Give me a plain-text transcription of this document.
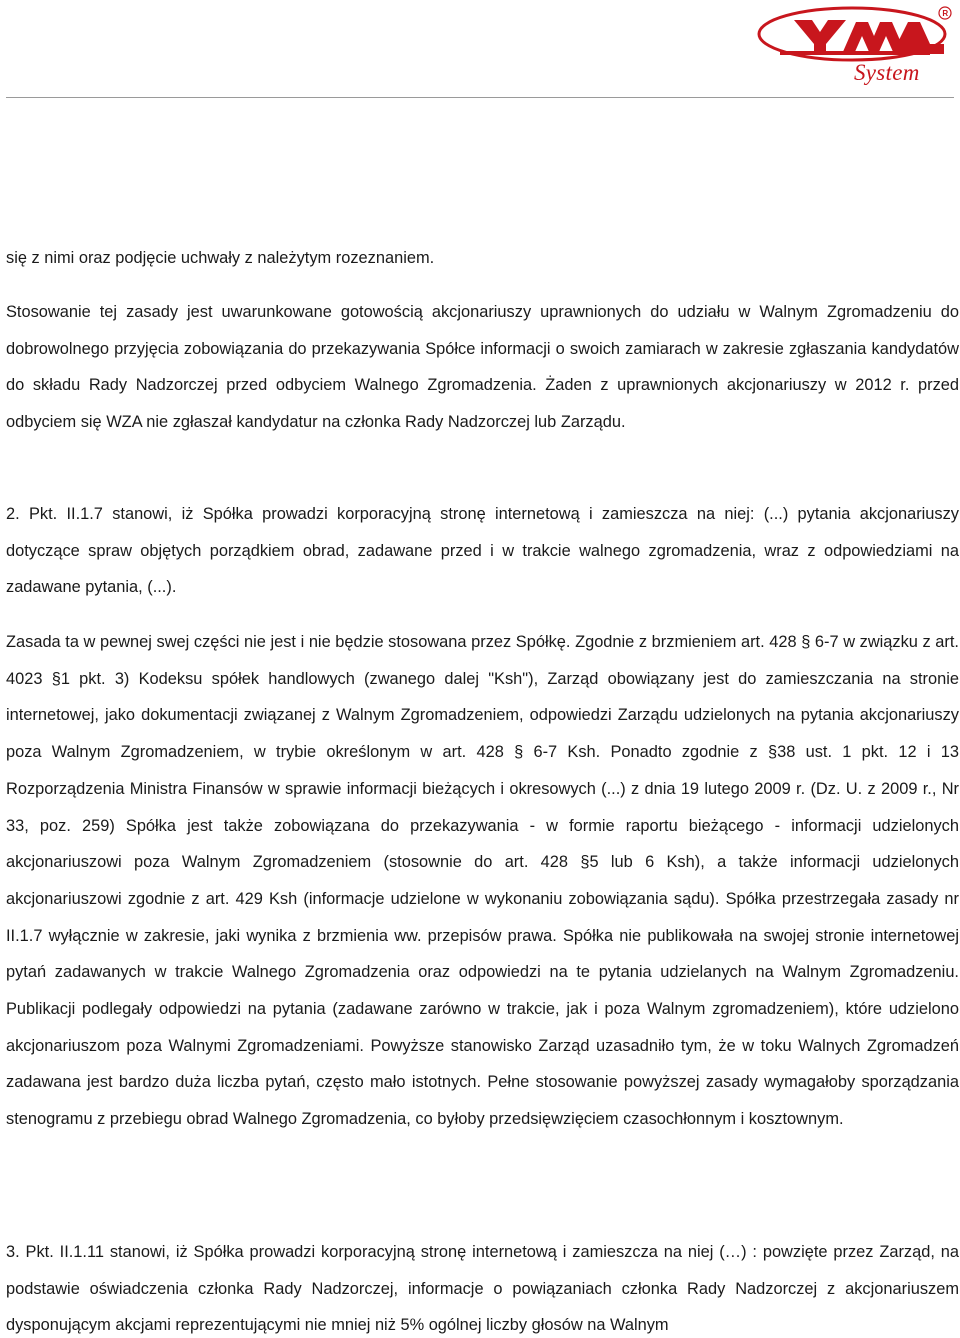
R
System

się z nimi oraz podjęcie uchwały z należytym rozeznaniem.

Stosowanie tej zasady jest uwarunkowane gotowością akcjonariuszy uprawnionych do udziału w Walnym Zgromadzeniu do dobrowolnego przyjęcia zobowiązania do przekazywania Spółce informacji o swoich zamiarach w zakresie zgłaszania kandydatów do składu Rady Nadzorczej przed odbyciem Walnego Zgromadzenia. Żaden z uprawnionych akcjonariuszy w 2012 r. przed odbyciem się WZA nie zgłaszał kandydatur na członka Rady Nadzorczej lub Zarządu.

2. Pkt. II.1.7 stanowi, iż Spółka prowadzi korporacyjną stronę internetową i zamieszcza na niej: (...) pytania akcjonariuszy dotyczące spraw objętych porządkiem obrad, zadawane przed i w trakcie walnego zgromadzenia, wraz z odpowiedziami na zadawane pytania, (...).

Zasada ta w pewnej swej części nie jest i nie będzie stosowana przez Spółkę. Zgodnie z brzmieniem art. 428 § 6-7 w związku z art. 4023 §1 pkt. 3) Kodeksu spółek handlowych (zwanego dalej "Ksh"), Zarząd obowiązany jest do zamieszczania na stronie internetowej, jako dokumentacji związanej z Walnym Zgromadzeniem, odpowiedzi Zarządu udzielonych na pytania akcjonariuszy poza Walnym Zgromadzeniem, w trybie określonym w art. 428 § 6-7 Ksh. Ponadto zgodnie z §38 ust. 1 pkt. 12 i 13 Rozporządzenia Ministra Finansów w sprawie informacji bieżących i okresowych (...) z dnia 19 lutego 2009 r. (Dz. U. z 2009 r., Nr 33, poz. 259) Spółka jest także zobowiązana do przekazywania - w formie raportu bieżącego - informacji udzielonych akcjonariuszowi poza Walnym Zgromadzeniem (stosownie do art. 428 §5 lub 6 Ksh), a także informacji udzielonych akcjonariuszowi zgodnie z art. 429 Ksh (informacje udzielone w wykonaniu zobowiązania sądu). Spółka przestrzegała zasady nr II.1.7 wyłącznie w zakresie, jaki wynika z brzmienia ww. przepisów prawa. Spółka nie publikowała na swojej stronie internetowej pytań zadawanych w trakcie Walnego Zgromadzenia oraz odpowiedzi na te pytania udzielanych na Walnym Zgromadzeniu. Publikacji podlegały odpowiedzi na pytania (zadawane zarówno w trakcie, jak i poza Walnym zgromadzeniem), które udzielono akcjonariuszom poza Walnymi Zgromadzeniami. Powyższe stanowisko Zarząd uzasadniło tym, że w toku Walnych Zgromadzeń zadawana jest bardzo duża liczba pytań, często mało istotnych. Pełne stosowanie powyższej zasady wymagałoby sporządzania stenogramu z przebiegu obrad Walnego Zgromadzenia, co byłoby przedsięwzięciem czasochłonnym i kosztownym.

3. Pkt. II.1.11 stanowi, iż Spółka prowadzi korporacyjną stronę internetową i zamieszcza na niej (…) : powzięte przez Zarząd, na podstawie oświadczenia członka Rady Nadzorczej, informacje o powiązaniach członka Rady Nadzorczej z akcjonariuszem dysponującym akcjami reprezentującymi nie mniej niż 5% ogólnej liczby głosów na Walnym
